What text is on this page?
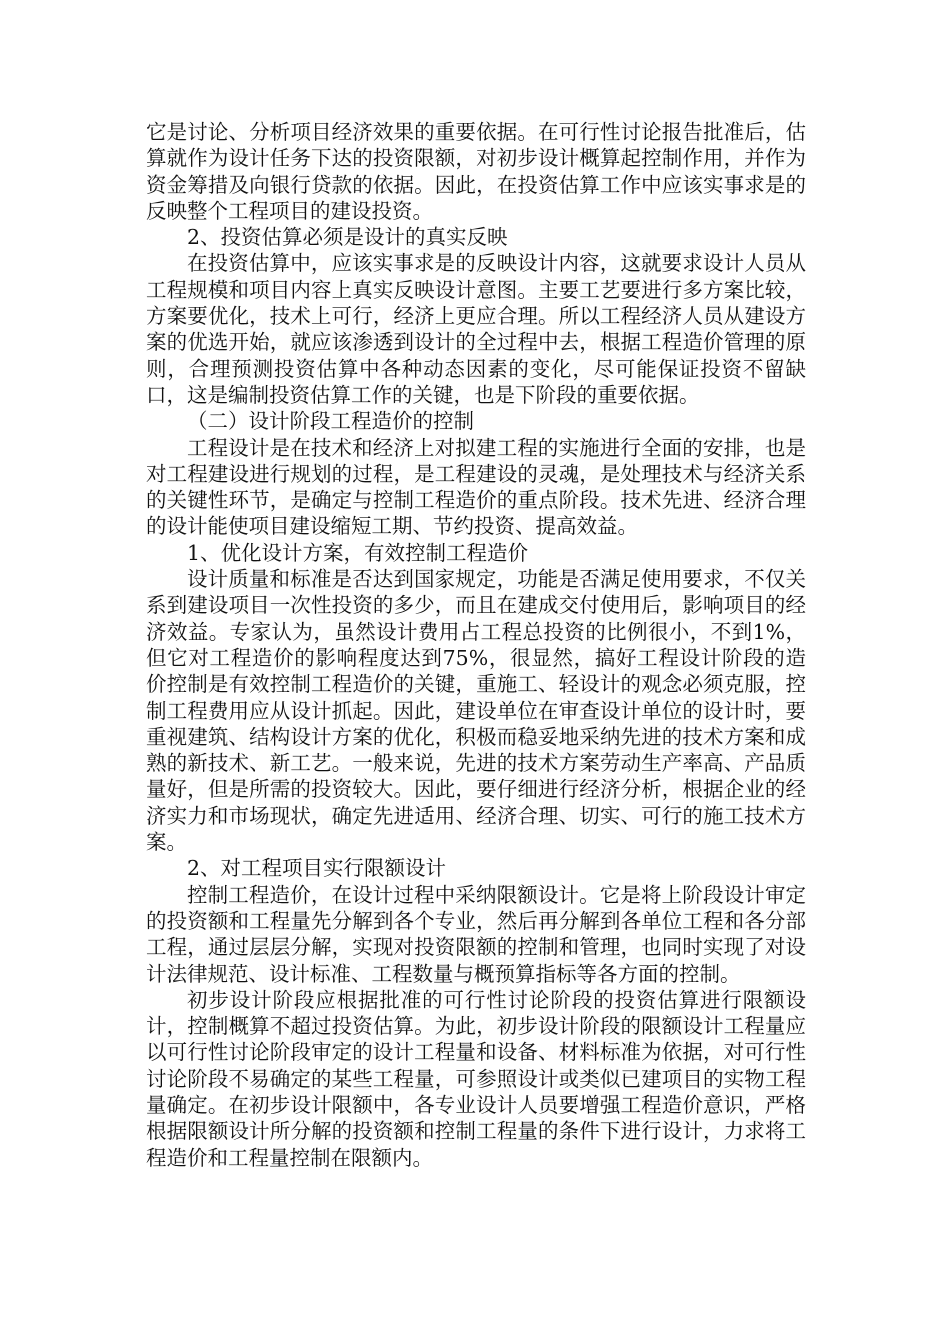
它是讨论、分析项目经济效果的重要依据。在可行性讨论报告批准后，估算就作为设计任务下达的投资限额，对初步设计概算起控制作用，并作为资金筹措及向银行贷款的依据。因此，在投资估算工作中应该实事求是的反映整个工程项目的建设投资。

2、投资估算必须是设计的真实反映

在投资估算中，应该实事求是的反映设计内容，这就要求设计人员从工程规模和项目内容上真实反映设计意图。主要工艺要进行多方案比较，方案要优化，技术上可行，经济上更应合理。所以工程经济人员从建设方案的优选开始，就应该渗透到设计的全过程中去，根据工程造价管理的原则，合理预测投资估算中各种动态因素的变化，尽可能保证投资不留缺口，这是编制投资估算工作的关键，也是下阶段的重要依据。

（二）设计阶段工程造价的控制

工程设计是在技术和经济上对拟建工程的实施进行全面的安排，也是对工程建设进行规划的过程，是工程建设的灵魂，是处理技术与经济关系的关键性环节，是确定与控制工程造价的重点阶段。技术先进、经济合理的设计能使项目建设缩短工期、节约投资、提高效益。

1、优化设计方案，有效控制工程造价

设计质量和标准是否达到国家规定，功能是否满足使用要求，不仅关系到建设项目一次性投资的多少，而且在建成交付使用后，影响项目的经济效益。专家认为，虽然设计费用占工程总投资的比例很小，不到1%，但它对工程造价的影响程度达到75%，很显然，搞好工程设计阶段的造价控制是有效控制工程造价的关键，重施工、轻设计的观念必须克服，控制工程费用应从设计抓起。因此，建设单位在审查设计单位的设计时，要重视建筑、结构设计方案的优化，积极而稳妥地采纳先进的技术方案和成熟的新技术、新工艺。一般来说，先进的技术方案劳动生产率高、产品质量好，但是所需的投资较大。因此，要仔细进行经济分析，根据企业的经济实力和市场现状，确定先进适用、经济合理、切实、可行的施工技术方案。

2、对工程项目实行限额设计

控制工程造价，在设计过程中采纳限额设计。它是将上阶段设计审定的投资额和工程量先分解到各个专业，然后再分解到各单位工程和各分部工程，通过层层分解，实现对投资限额的控制和管理，也同时实现了对设计法律规范、设计标准、工程数量与概预算指标等各方面的控制。

初步设计阶段应根据批准的可行性讨论阶段的投资估算进行限额设计，控制概算不超过投资估算。为此，初步设计阶段的限额设计工程量应以可行性讨论阶段审定的设计工程量和设备、材料标准为依据，对可行性讨论阶段不易确定的某些工程量，可参照设计或类似已建项目的实物工程量确定。在初步设计限额中，各专业设计人员要增强工程造价意识，严格根据限额设计所分解的投资额和控制工程量的条件下进行设计，力求将工程造价和工程量控制在限额内。
